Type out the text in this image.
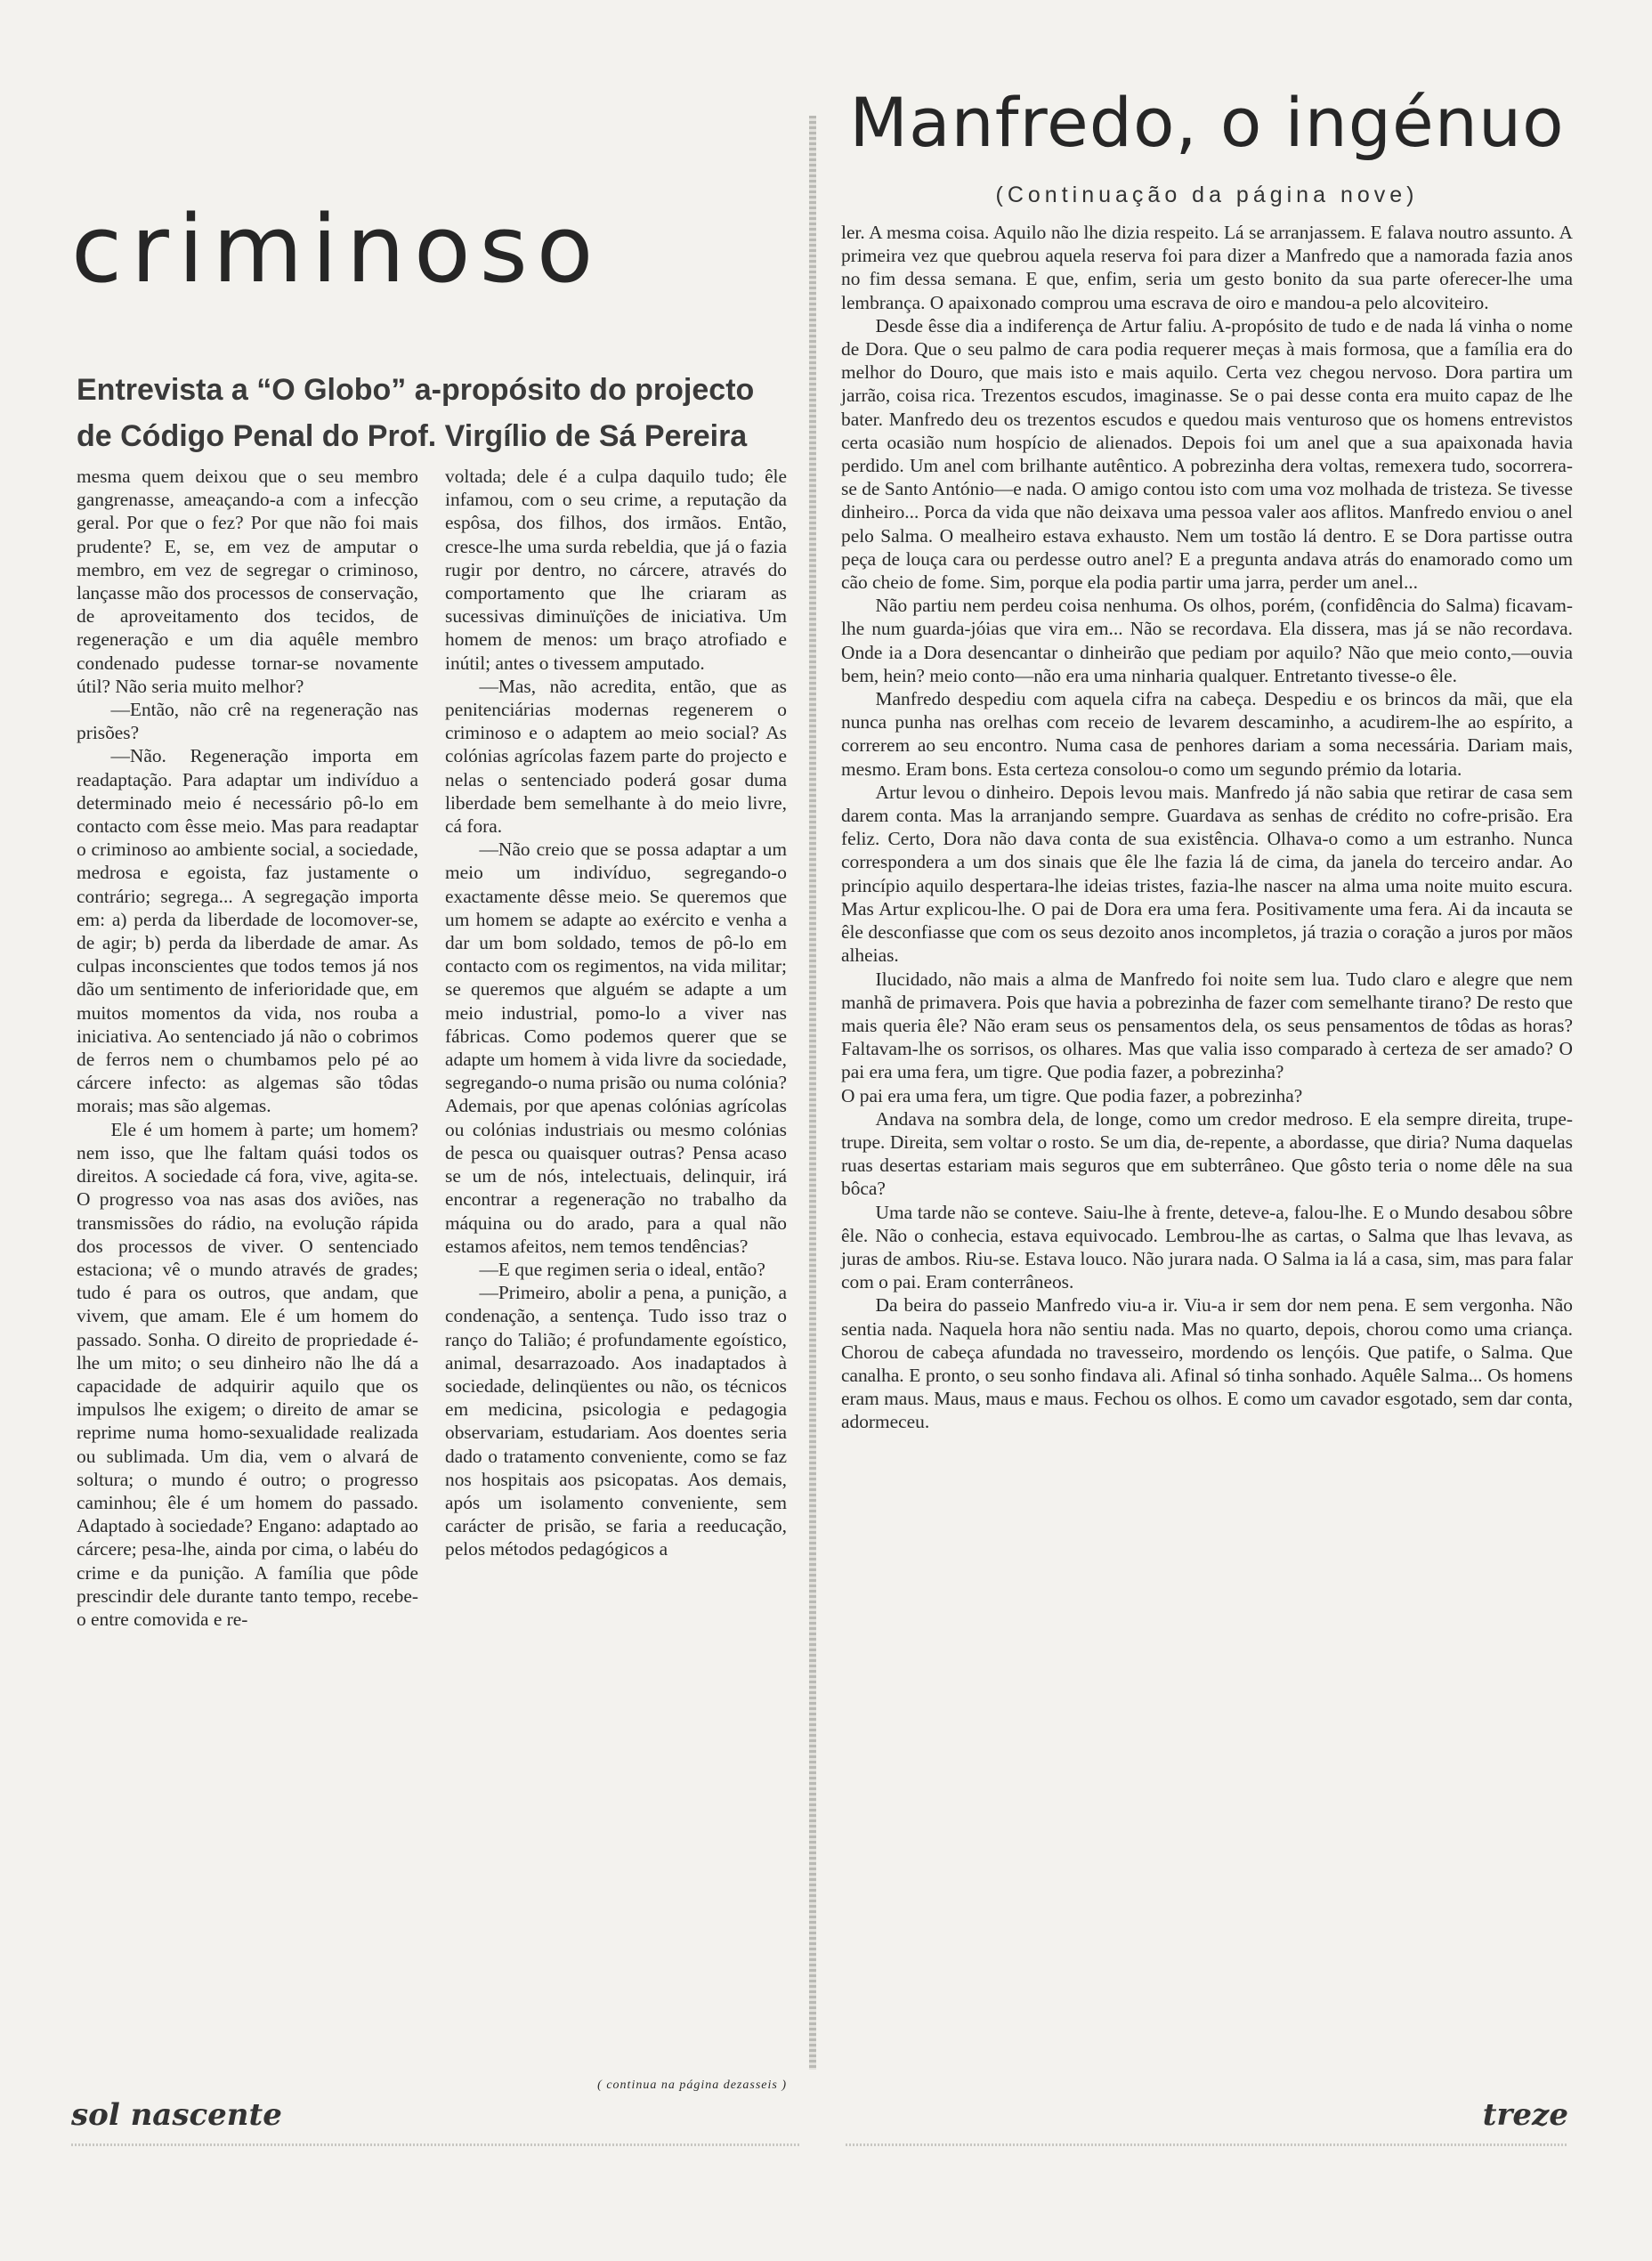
criminoso
Entrevista a “O Globo” a-propósito do projecto de Código Penal do Prof. Virgílio de Sá Pereira

mesma quem deixou que o seu membro gangrenasse, ameaçando-a com a infecção geral. Por que o fez? Por que não foi mais prudente? E, se, em vez de amputar o membro, em vez de segregar o criminoso, lançasse mão dos processos de conservação, de aproveitamento dos tecidos, de regeneração e um dia aquêle membro condenado pudesse tornar-se novamente útil? Não seria muito melhor?

—Então, não crê na regeneração nas prisões?

—Não. Regeneração importa em readaptação. Para adaptar um indivíduo a determinado meio é necessário pô-lo em contacto com êsse meio. Mas para readaptar o criminoso ao ambiente social, a sociedade, medrosa e egoista, faz justamente o contrário; segrega... A segregação importa em: a) perda da liberdade de locomover-se, de agir; b) perda da liberdade de amar. As culpas inconscientes que todos temos já nos dão um sentimento de inferioridade que, em muitos momentos da vida, nos rouba a iniciativa. Ao sentenciado já não o cobrimos de ferros nem o chumbamos pelo pé ao cárcere infecto: as algemas são tôdas morais; mas são algemas.

Ele é um homem à parte; um homem? nem isso, que lhe faltam quási todos os direitos. A sociedade cá fora, vive, agita-se. O progresso voa nas asas dos aviões, nas transmissões do rádio, na evolução rápida dos processos de viver. O sentenciado estaciona; vê o mundo através de grades; tudo é para os outros, que andam, que vivem, que amam. Ele é um homem do passado. Sonha. O direito de propriedade é-lhe um mito; o seu dinheiro não lhe dá a capacidade de adquirir aquilo que os impulsos lhe exigem; o direito de amar se reprime numa homo-sexualidade realizada ou sublimada. Um dia, vem o alvará de soltura; o mundo é outro; o progresso caminhou; êle é um homem do passado. Adaptado à sociedade? Engano: adaptado ao cárcere; pesa-lhe, ainda por cima, o labéu do crime e da punição. A família que pôde prescindir dele durante tanto tempo, recebe-o entre comovida e re-

voltada; dele é a culpa daquilo tudo; êle infamou, com o seu crime, a reputação da espôsa, dos filhos, dos irmãos. Então, cresce-lhe uma surda rebeldia, que já o fazia rugir por dentro, no cárcere, através do comportamento que lhe criaram as sucessivas diminuïções de iniciativa. Um homem de menos: um braço atrofiado e inútil; antes o tivessem amputado.

—Mas, não acredita, então, que as penitenciárias modernas regenerem o criminoso e o adaptem ao meio social? As colónias agrícolas fazem parte do projecto e nelas o sentenciado poderá gosar duma liberdade bem semelhante à do meio livre, cá fora.

—Não creio que se possa adaptar a um meio um indivíduo, segregando-o exactamente dêsse meio. Se queremos que um homem se adapte ao exército e venha a dar um bom soldado, temos de pô-lo em contacto com os regimentos, na vida militar; se queremos que alguém se adapte a um meio industrial, pomo-lo a viver nas fábricas. Como podemos querer que se adapte um homem à vida livre da sociedade, segregando-o numa prisão ou numa colónia? Ademais, por que apenas colónias agrícolas ou colónias industriais ou mesmo colónias de pesca ou quaisquer outras? Pensa acaso se um de nós, intelectuais, delinquir, irá encontrar a regeneração no trabalho da máquina ou do arado, para a qual não estamos afeitos, nem temos tendências?

—E que regimen seria o ideal, então?

—Primeiro, abolir a pena, a punição, a condenação, a sentença. Tudo isso traz o ranço do Talião; é profundamente egoístico, animal, desarrazoado. Aos inadaptados à sociedade, delinqüentes ou não, os técnicos em medicina, psicologia e pedagogia observariam, estudariam. Aos doentes seria dado o tratamento conveniente, como se faz nos hospitais aos psicopatas. Aos demais, após um isolamento conveniente, sem carácter de prisão, se faria a reeducação, pelos métodos pedagógicos a

( continua na página dezasseis )
Manfredo, o ingénuo
(Continuação da página nove)

ler. A mesma coisa. Aquilo não lhe dizia respeito. Lá se arranjassem. E falava noutro assunto. A primeira vez que quebrou aquela reserva foi para dizer a Manfredo que a namorada fazia anos no fim dessa semana. E que, enfim, seria um gesto bonito da sua parte oferecer-lhe uma lembrança. O apaixonado comprou uma escrava de oiro e mandou-a pelo alcoviteiro.

Desde êsse dia a indiferença de Artur faliu. A-propósito de tudo e de nada lá vinha o nome de Dora. Que o seu palmo de cara podia requerer meças à mais formosa, que a família era do melhor do Douro, que mais isto e mais aquilo. Certa vez chegou nervoso. Dora partira um jarrão, coisa rica. Trezentos escudos, imaginasse. Se o pai desse conta era muito capaz de lhe bater. Manfredo deu os trezentos escudos e quedou mais venturoso que os homens entrevistos certa ocasião num hospício de alienados. Depois foi um anel que a sua apaixonada havia perdido. Um anel com brilhante autêntico. A pobrezinha dera voltas, remexera tudo, socorrera-se de Santo António—e nada. O amigo contou isto com uma voz molhada de tristeza. Se tivesse dinheiro... Porca da vida que não deixava uma pessoa valer aos aflitos. Manfredo enviou o anel pelo Salma. O mealheiro estava exhausto. Nem um tostão lá dentro. E se Dora partisse outra peça de louça cara ou perdesse outro anel? E a pregunta andava atrás do enamorado como um cão cheio de fome. Sim, porque ela podia partir uma jarra, perder um anel...

Não partiu nem perdeu coisa nenhuma. Os olhos, porém, (confidência do Salma) ficavam-lhe num guarda-jóias que vira em... Não se recordava. Ela dissera, mas já se não recordava. Onde ia a Dora desencantar o dinheirão que pediam por aquilo? Não que meio conto,—ouvia bem, hein? meio conto—não era uma ninharia qualquer. Entretanto tivesse-o êle.

Manfredo despediu com aquela cifra na cabeça. Despediu e os brincos da mãi, que ela nunca punha nas orelhas com receio de levarem descaminho, a acudirem-lhe ao espírito, a correrem ao seu encontro. Numa casa de penhores dariam a soma necessária. Dariam mais, mesmo. Eram bons. Esta certeza consolou-o como um segundo prémio da lotaria.

Artur levou o dinheiro. Depois levou mais. Manfredo já não sabia que retirar de casa sem darem conta. Mas la arranjando sempre. Guardava as senhas de crédito no cofre-prisão. Era feliz. Certo, Dora não dava conta de sua existência. Olhava-o como a um estranho. Nunca correspondera a um dos sinais que êle lhe fazia lá de cima, da janela do terceiro andar. Ao princípio aquilo despertara-lhe ideias tristes, fazia-lhe nascer na alma uma noite muito escura. Mas Artur explicou-lhe. O pai de Dora era uma fera. Positivamente uma fera. Ai da incauta se êle desconfiasse que com os seus dezoito anos incompletos, já trazia o coração a juros por mãos alheias.

Ilucidado, não mais a alma de Manfredo foi noite sem lua. Tudo claro e alegre que nem manhã de primavera. Pois que havia a pobrezinha de fazer com semelhante tirano? De resto que mais queria êle? Não eram seus os pensamentos dela, os seus pensamentos de tôdas as horas? Faltavam-lhe os sorrisos, os olhares. Mas que valia isso comparado à certeza de ser amado? O pai era uma fera, um tigre. Que podia fazer, a pobrezinha?

O pai era uma fera, um tigre. Que podia fazer, a pobrezinha?

Andava na sombra dela, de longe, como um credor medroso. E ela sempre direita, trupe-trupe. Direita, sem voltar o rosto. Se um dia, de-repente, a abordasse, que diria? Numa daquelas ruas desertas estariam mais seguros que em subterrâneo. Que gôsto teria o nome dêle na sua bôca?

Uma tarde não se conteve. Saiu-lhe à frente, deteve-a, falou-lhe. E o Mundo desabou sôbre êle. Não o conhecia, estava equivocado. Lembrou-lhe as cartas, o Salma que lhas levava, as juras de ambos. Riu-se. Estava louco. Não jurara nada. O Salma ia lá a casa, sim, mas para falar com o pai. Eram conterrâneos.

Da beira do passeio Manfredo viu-a ir. Viu-a ir sem dor nem pena. E sem vergonha. Não sentia nada. Naquela hora não sentiu nada. Mas no quarto, depois, chorou como uma criança. Chorou de cabeça afundada no travesseiro, mordendo os lençóis. Que patife, o Salma. Que canalha. E pronto, o seu sonho findava ali. Afinal só tinha sonhado. Aquêle Salma... Os homens eram maus. Maus, maus e maus. Fechou os olhos. E como um cavador esgotado, sem dar conta, adormeceu.

sol nascente	treze
